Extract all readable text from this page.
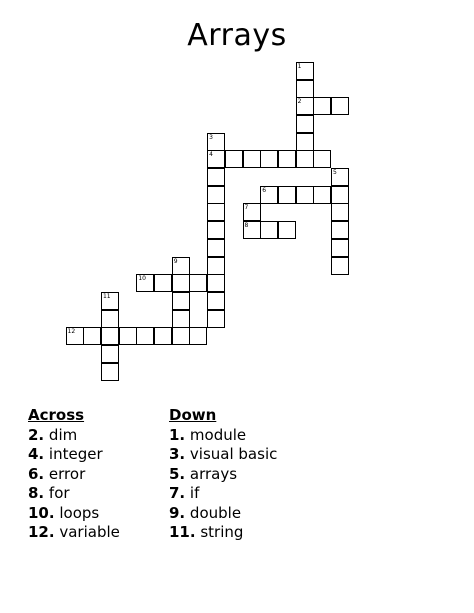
Arrays
1
2
3
4
5
6
7
8
10
9
11
12
Across
2. dim
4. integer
6. error
8. for
10. loops
12. variable
Down
1. module
3. visual basic
5. arrays
7. if
9. double
11. string
